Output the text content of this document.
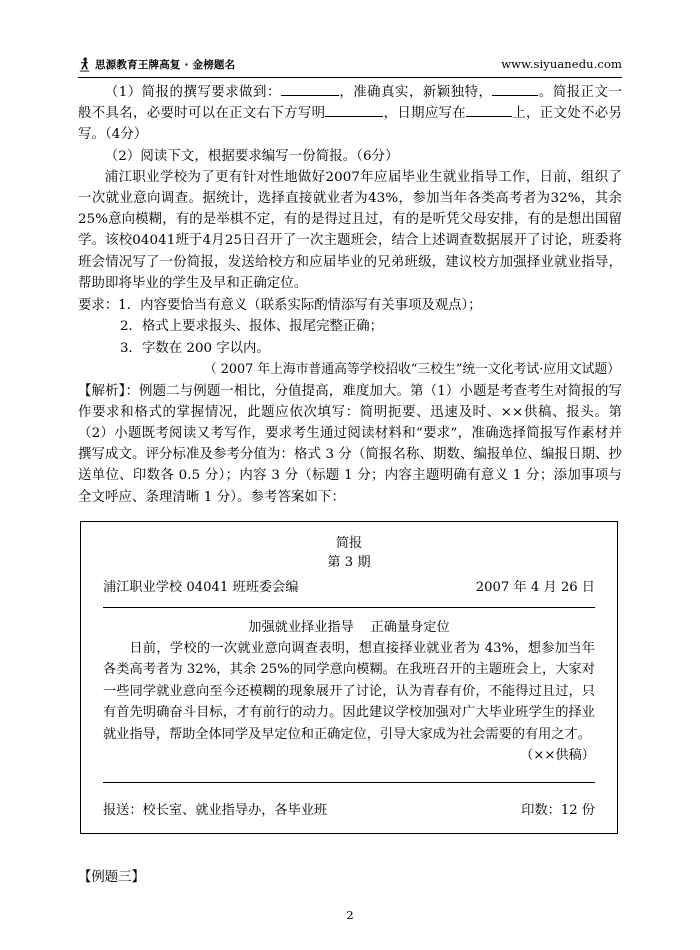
思源教育王牌高复 · 金榜题名	www.siyuanedu.com

（1）简报的撰写要求做到：	，准确真实，新颖独特，	。简报正文一般不具名，必要时可以在正文右下方写明	，日期应写在	上，正文处不必另写。（4分）

（2）阅读下文，根据要求编写一份简报。（6分）

浦江职业学校为了更有针对性地做好2007年应届毕业生就业指导工作，日前，组织了一次就业意向调查。据统计，选择直接就业者为43%，参加当年各类高考者为32%，其余25%意向模糊，有的是举棋不定，有的是得过且过，有的是听凭父母安排，有的是想出国留学。该校04041班于4月25日召开了一次主题班会，结合上述调查数据展开了讨论，班委将班会情况写了一份简报，发送给校方和应届毕业的兄弟班级，建议校方加强择业就业指导，帮助即将毕业的学生及早和正确定位。

要求： 1． 内容要恰当有意义（联系实际酌情添写有关事项及观点）；
2． 格式上要求报头、报体、报尾完整正确；
3． 字数在 200 字以内。

（ 2007 年上海市普通高等学校招收“三校生”统一文化考试·应用文试题）

【解析】：例题二与例题一相比，分值提高，难度加大。第（1）小题是考查考生对简报的写作要求和格式的掌握情况，此题应依次填写：简明扼要、迅速及时、××供稿、报头。第（2）小题既考阅读又考写作，要求考生通过阅读材料和“要求”，准确选择简报写作素材并撰写成文。评分标准及参考分值为：格式 3 分（简报名称、期数、编报单位、编报日期、抄送单位、印数各 0.5 分）；内容 3 分（标题 1 分；内容主题明确有意义 1 分；添加事项与全文呼应、条理清晰 1 分）。参考答案如下：

简报
第 3 期
浦江职业学校 04041 班班委会编	2007 年 4 月 26 日
加强就业择业指导    正确量身定位
日前，学校的一次就业意向调查表明，想直接择业就业者为 43%，想参加当年各类高考者为 32%，其余 25%的同学意向模糊。在我班召开的主题班会上，大家对一些同学就业意向至今还模糊的现象展开了讨论，认为青春有价，不能得过且过，只有首先明确奋斗目标，才有前行的动力。因此建议学校加强对广大毕业班学生的择业就业指导，帮助全体同学及早定位和正确定位，引导大家成为社会需要的有用之才。
（××供稿）
报送：校长室、就业指导办，各毕业班	印数：12 份
【例题三】
2
